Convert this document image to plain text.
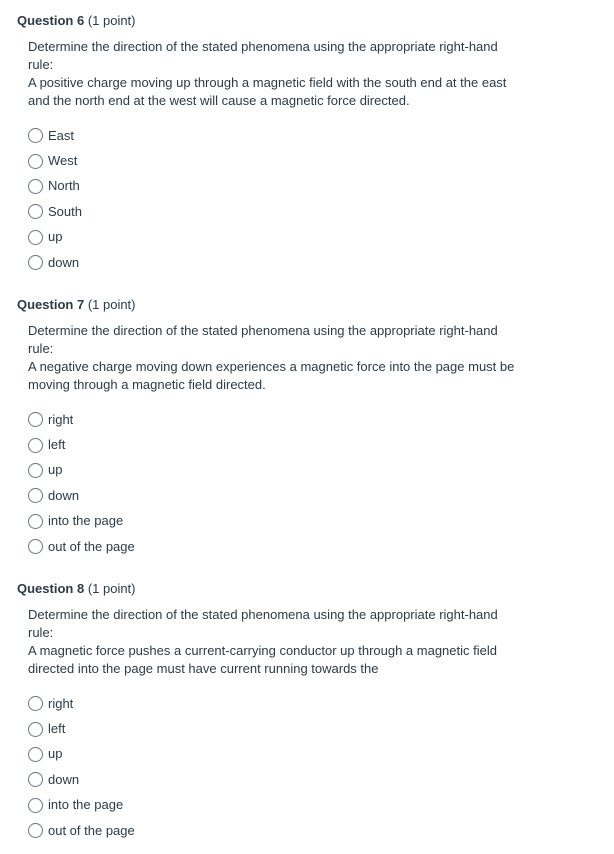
Question 6 (1 point)

Determine the direction of the stated phenomena using the appropriate right-hand rule:

A positive charge moving up through a magnetic field with the south end at the east and the north end at the west will cause a magnetic force directed.

East
West
North
South
up
down
Question 7 (1 point)

Determine the direction of the stated phenomena using the appropriate right-hand rule:

A negative charge moving down experiences a magnetic force into the page must be moving through a magnetic field directed.

right
left
up
down
into the page
out of the page
Question 8 (1 point)

Determine the direction of the stated phenomena using the appropriate right-hand rule:

A magnetic force pushes a current-carrying conductor up through a magnetic field directed into the page must have current running towards the

right
left
up
down
into the page
out of the page
